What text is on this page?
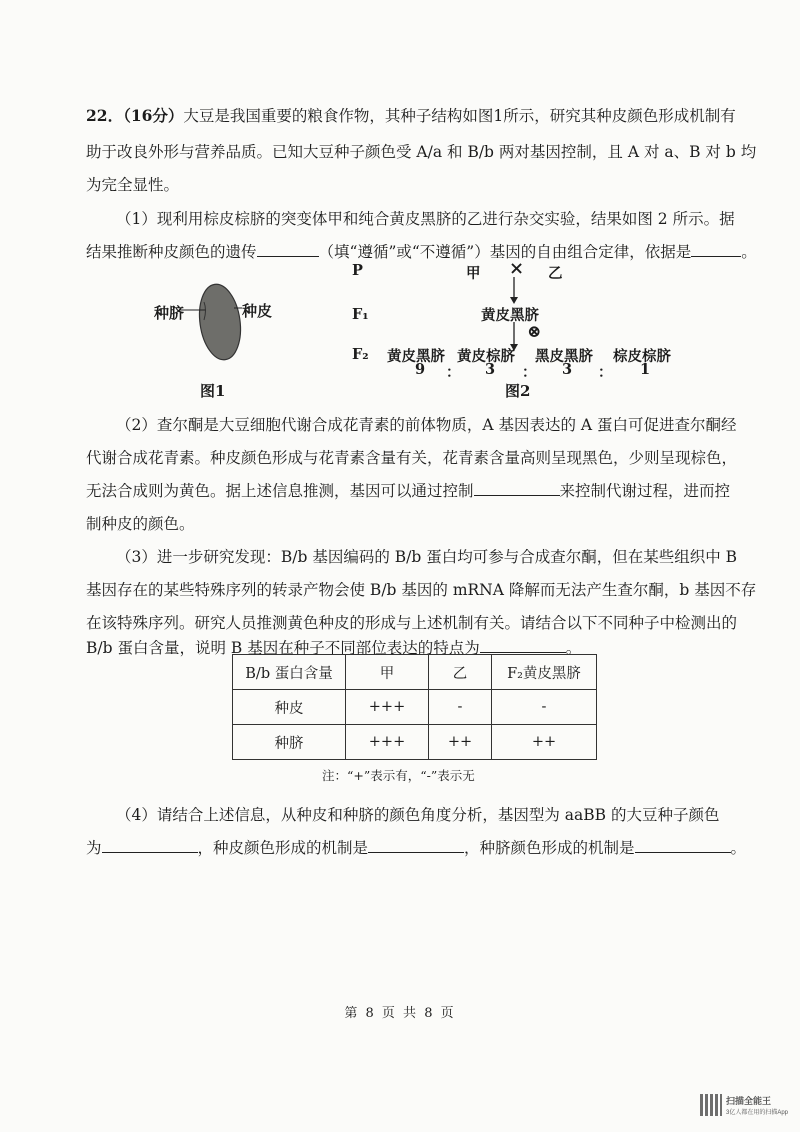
22．（16分）大豆是我国重要的粮食作物，其种子结构如图1所示，研究其种皮颜色形成机制有
助于改良外形与营养品质。已知大豆种子颜色受 A/a 和 B/b 两对基因控制，且 A 对 a、B 对 b 均
为完全显性。
（1）现利用棕皮棕脐的突变体甲和纯合黄皮黑脐的乙进行杂交实验，结果如图 2 所示。据
结果推断种皮颜色的遗传	（填“遵循”或“不遵循”）基因的自由组合定律，依据是	。
种脐	种皮
图1
P	甲 × 乙
F₁	黄皮黑脐
⊗
F₂ 黄皮黑脐 黄皮棕脐 黑皮黑脐 棕皮棕脐
9 ： 3 ： 3 ： 1
图2
（2）查尔酮是大豆细胞代谢合成花青素的前体物质，A 基因表达的 A 蛋白可促进查尔酮经
代谢合成花青素。种皮颜色形成与花青素含量有关，花青素含量高则呈现黑色，少则呈现棕色，
无法合成则为黄色。据上述信息推测，基因可以通过控制	来控制代谢过程，进而控
制种皮的颜色。
（3）进一步研究发现：B/b 基因编码的 B/b 蛋白均可参与合成查尔酮，但在某些组织中 B
基因存在的某些特殊序列的转录产物会使 B/b 基因的 mRNA 降解而无法产生查尔酮，b 基因不存
在该特殊序列。研究人员推测黄色种皮的形成与上述机制有关。请结合以下不同种子中检测出的
B/b 蛋白含量，说明 B 基因在种子不同部位表达的特点为	。
B/b 蛋白含量	甲	乙	F₂黄皮黑脐
种皮	+++	-	-
种脐	+++	++	++
注：“+”表示有，“-”表示无
（4）请结合上述信息，从种皮和种脐的颜色角度分析，基因型为 aaBB 的大豆种子颜色
为	，种皮颜色形成的机制是	，种脐颜色形成的机制是	。
第 8 页 共 8 页
扫描全能王
3亿人都在用的扫描App
